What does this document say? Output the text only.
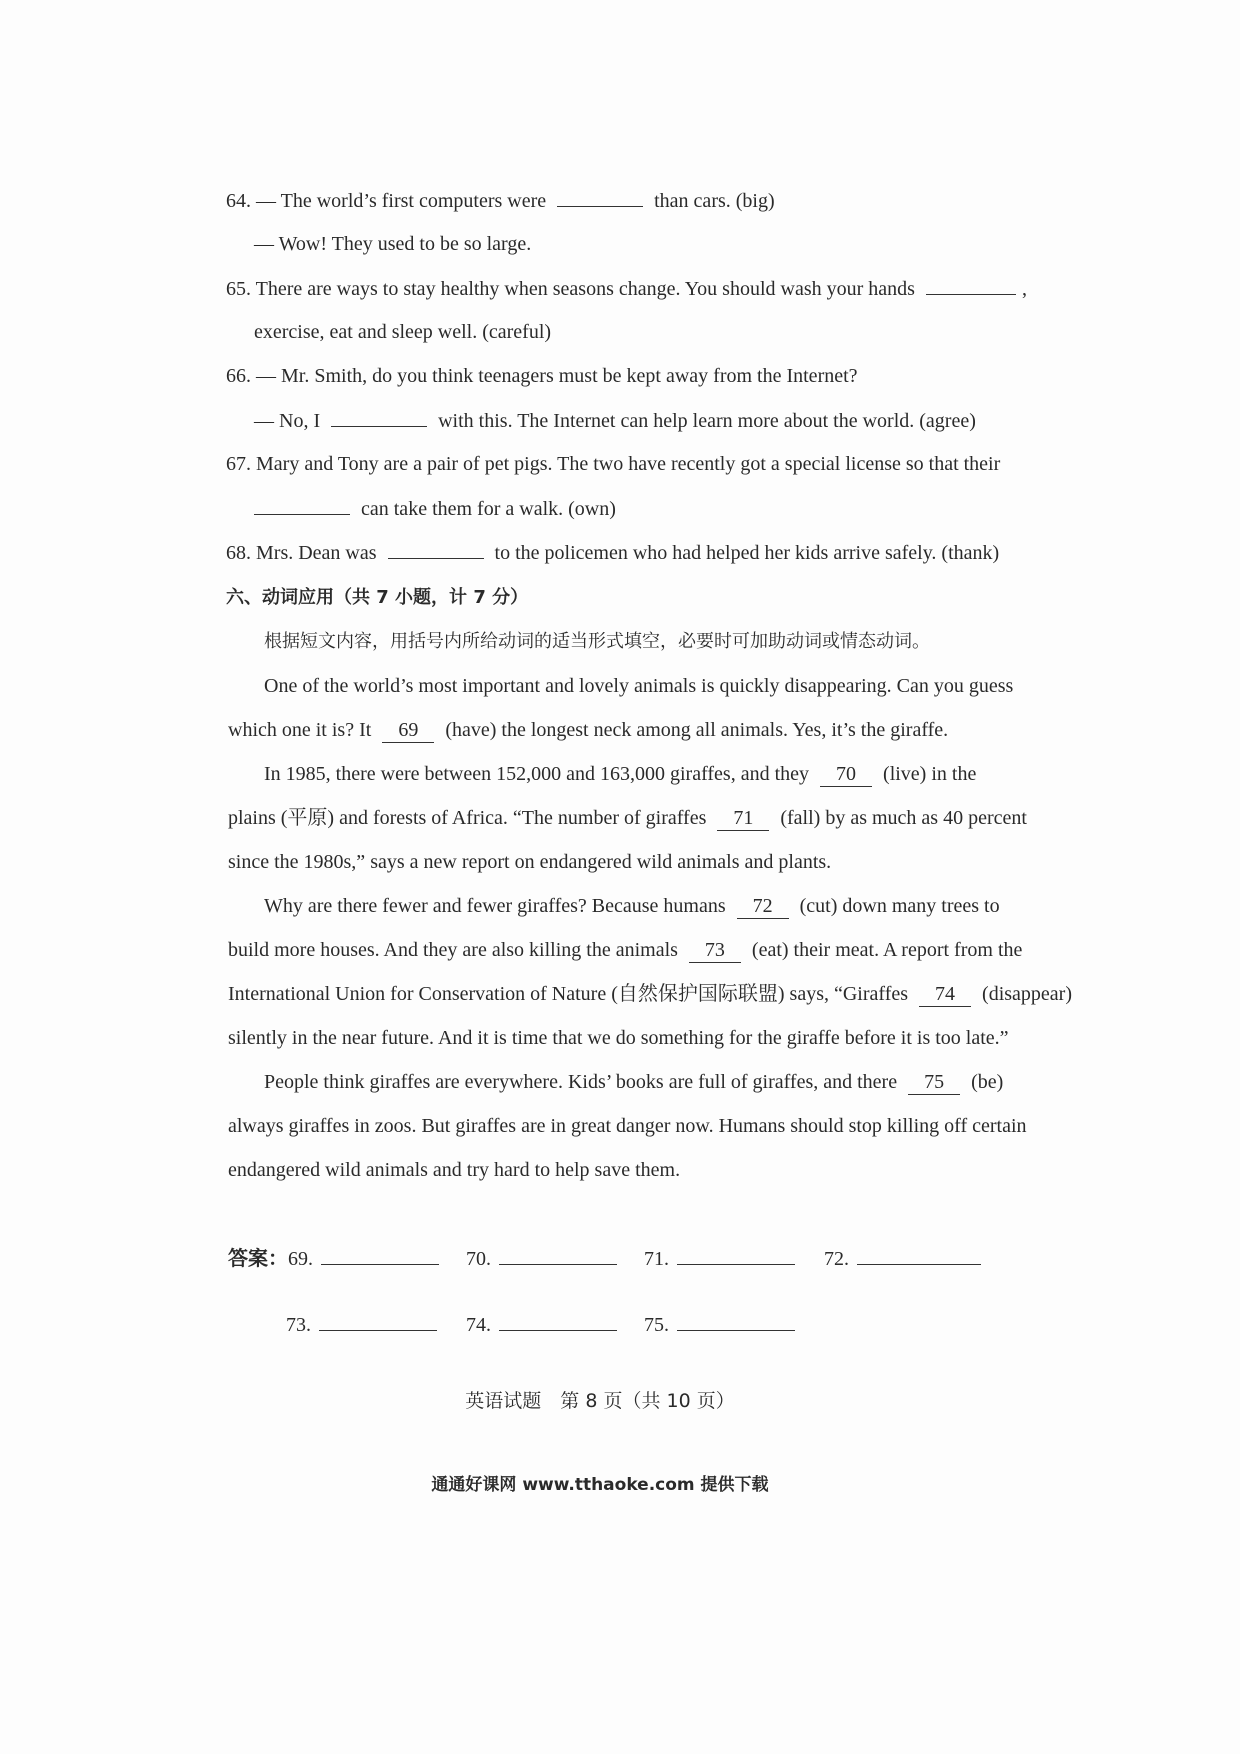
64. — The world’s first computers were	than cars. (big)
— Wow! They used to be so large.
65. There are ways to stay healthy when seasons change. You should wash your hands	,
exercise, eat and sleep well. (careful)
66. — Mr. Smith, do you think teenagers must be kept away from the Internet?
— No, I	with this. The Internet can help learn more about the world. (agree)
67. Mary and Tony are a pair of pet pigs. The two have recently got a special license so that their
can take them for a walk. (own)
68. Mrs. Dean was	to the policemen who had helped her kids arrive safely. (thank)
六、动词应用（共 7 小题，计 7 分）
根据短文内容，用括号内所给动词的适当形式填空，必要时可加助动词或情态动词。
One of the world’s most important and lovely animals is quickly disappearing. Can you guess
which one it is? It 69 (have) the longest neck among all animals. Yes, it’s the giraffe.
In 1985, there were between 152,000 and 163,000 giraffes, and they 70 (live) in the
plains (平原) and forests of Africa. “The number of giraffes 71 (fall) by as much as 40 percent
since the 1980s,” says a new report on endangered wild animals and plants.
Why are there fewer and fewer giraffes? Because humans 72 (cut) down many trees to
build more houses. And they are also killing the animals 73 (eat) their meat. A report from the
International Union for Conservation of Nature (自然保护国际联盟) says, “Giraffes 74 (disappear)
silently in the near future. And it is time that we do something for the giraffe before it is too late.”
People think giraffes are everywhere. Kids’ books are full of giraffes, and there 75 (be)
always giraffes in zoos. But giraffes are in great danger now. Humans should stop killing off certain
endangered wild animals and try hard to help save them.
答案：69.	70.	71.	72.
73.	74.	75.
英语试题　第 8 页（共 10 页）
通通好课网 www.tthaoke.com 提供下载
